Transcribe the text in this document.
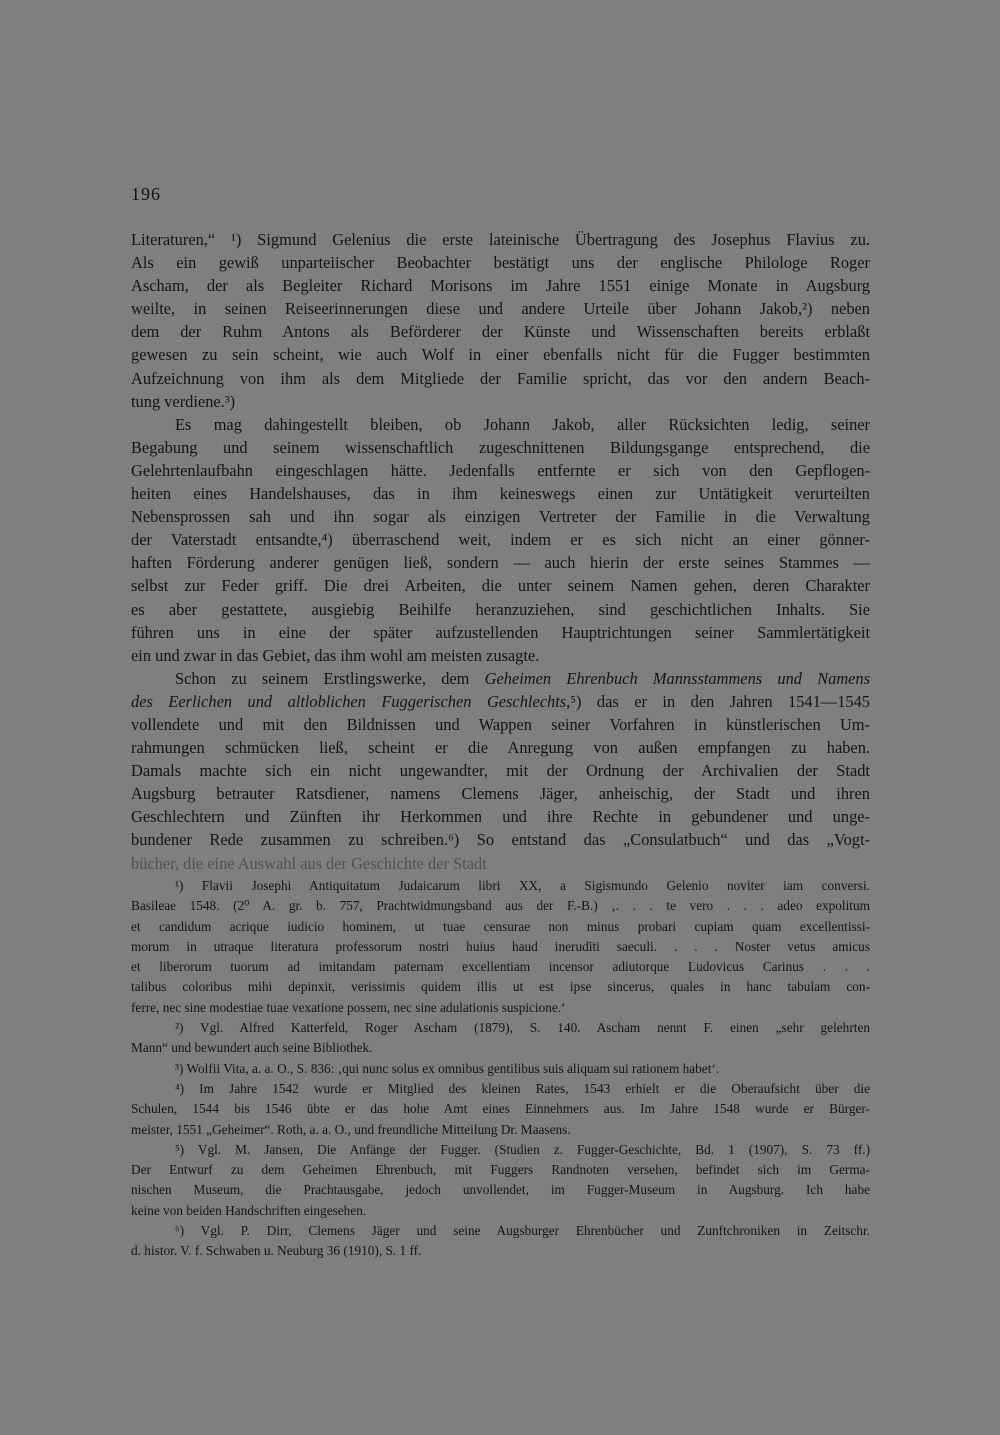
196
Literaturen,“ ¹) Sigmund Gelenius die erste lateinische Übertragung des Josephus Flavius zu.
Als ein gewiß unparteiischer Beobachter bestätigt uns der englische Philologe Roger
Ascham, der als Begleiter Richard Morisons im Jahre 1551 einige Monate in Augsburg
weilte, in seinen Reiseerinnerungen diese und andere Urteile über Johann Jakob,²) neben
dem der Ruhm Antons als Beförderer der Künste und Wissenschaften bereits erblaßt
gewesen zu sein scheint, wie auch Wolf in einer ebenfalls nicht für die Fugger bestimmten
Aufzeichnung von ihm als dem Mitgliede der Familie spricht, das vor den andern Beach-
tung verdiene.³)
Es mag dahingestellt bleiben, ob Johann Jakob, aller Rücksichten ledig, seiner
Begabung und seinem wissenschaftlich zugeschnittenen Bildungsgange entsprechend, die
Gelehrtenlaufbahn eingeschlagen hätte. Jedenfalls entfernte er sich von den Gepflogen-
heiten eines Handelshauses, das in ihm keineswegs einen zur Untätigkeit verurteilten
Nebensprossen sah und ihn sogar als einzigen Vertreter der Familie in die Verwaltung
der Vaterstadt entsandte,⁴) überraschend weit, indem er es sich nicht an einer gönner-
haften Förderung anderer genügen ließ, sondern — auch hierin der erste seines Stammes —
selbst zur Feder griff. Die drei Arbeiten, die unter seinem Namen gehen, deren Charakter
es aber gestattete, ausgiebig Beihilfe heranzuziehen, sind geschichtlichen Inhalts. Sie
führen uns in eine der später aufzustellenden Hauptrichtungen seiner Sammlertätigkeit
ein und zwar in das Gebiet, das ihm wohl am meisten zusagte.
Schon zu seinem Erstlingswerke, dem Geheimen Ehrenbuch Mannsstammens und Namens
des Eerlichen und altloblichen Fuggerischen Geschlechts,⁵) das er in den Jahren 1541—1545
vollendete und mit den Bildnissen und Wappen seiner Vorfahren in künstlerischen Um-
rahmungen schmücken ließ, scheint er die Anregung von außen empfangen zu haben.
Damals machte sich ein nicht ungewandter, mit der Ordnung der Archivalien der Stadt
Augsburg betrauter Ratsdiener, namens Clemens Jäger, anheischig, der Stadt und ihren
Geschlechtern und Zünften ihr Herkommen und ihre Rechte in gebundener und unge-
bundener Rede zusammen zu schreiben.⁶) So entstand das „Consulatbuch“ und das „Vogt-
bücher, die eine Auswahl aus der Geschichte der Stadt
¹) Flavii Josephi Antiquitatum Judaicarum libri XX, a Sigismundo Gelenio noviter iam conversi.
Basileae 1548. (2⁰ A. gr. b. 757, Prachtwidmungsband aus der F.-B.) ‚. . . te vero . . . adeo expolitum
et candidum acrique iudicio hominem, ut tuae censurae non minus probari cupiam quam excellentissi-
morum in utraque literatura professorum nostri huius haud inerudīti saeculi. . . . Noster vetus amicus
et liberorum tuorum ad imitandam paternam excellentiam incensor adiutorque Ludovicus Carinus . . .
talibus coloribus mihi depinxit, verissimis quidem illis ut est ipse sincerus, quales in hanc tabulam con-
ferre, nec sine modestiae tuae vexatione possem, nec sine adulationis suspicione.‘
²) Vgl. Alfred Katterfeld, Roger Ascham (1879), S. 140. Ascham nennt F. einen „sehr gelehrten
Mann“ und bewundert auch seine Bibliothek.
³) Wolfii Vita, a. a. O., S. 836: ‚qui nunc solus ex omnibus gentilibus suis aliquam sui rationem habet‘.
⁴) Im Jahre 1542 wurde er Mitglied des kleinen Rates, 1543 erhielt er die Oberaufsicht über die
Schulen, 1544 bis 1546 übte er das hohe Amt eines Einnehmers aus. Im Jahre 1548 wurde er Bürger-
meister, 1551 „Geheimer“. Roth, a. a. O., und freundliche Mitteilung Dr. Maasens.
⁵) Vgl. M. Jansen, Die Anfänge der Fugger. (Studien z. Fugger-Geschichte, Bd. 1 (1907), S. 73 ff.)
Der Entwurf zu dem Geheimen Ehrenbuch, mit Fuggers Randnoten versehen, befindet sich im Germa-
nischen Museum, die Prachtausgabe, jedoch unvollendet, im Fugger-Museum in Augsburg. Ich habe
keine von beiden Handschriften eingesehen.
⁶) Vgl. P. Dirr, Clemens Jäger und seine Augsburger Ehrenbücher und Zunftchroniken in Zeitschr.
d. histor. V. f. Schwaben u. Neuburg 36 (1910), S. 1 ff.
